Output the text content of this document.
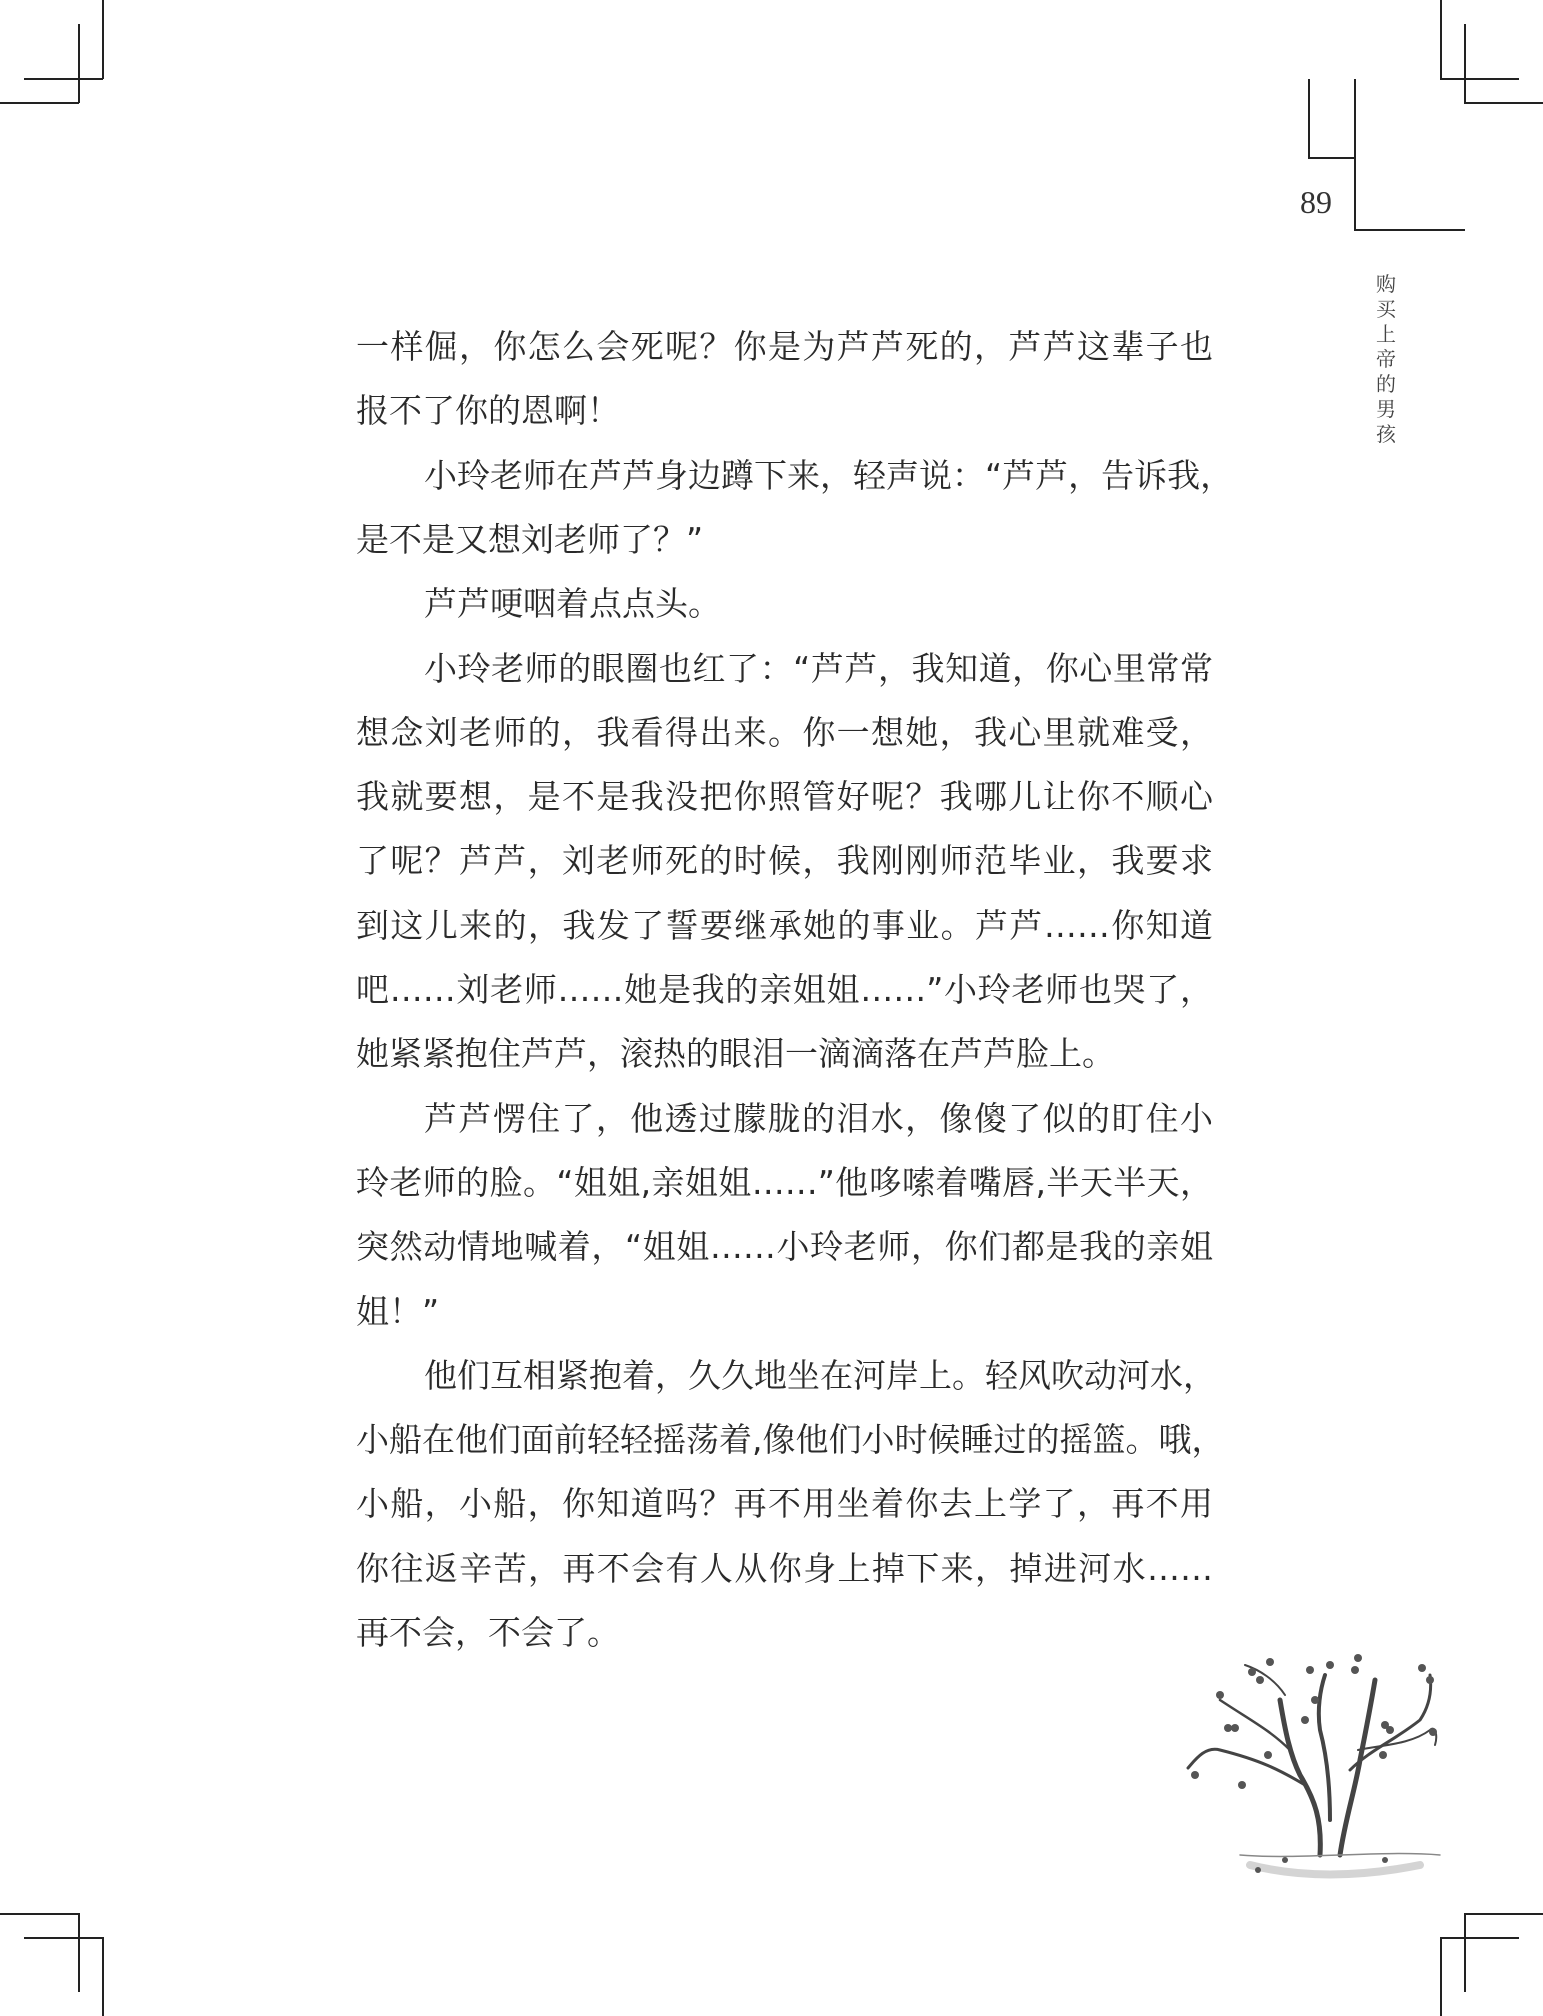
89
购买上帝的男孩
一样倔，你怎么会死呢？你是为芦芦死的，芦芦这辈子也
报不了你的恩啊！
小玲老师在芦芦身边蹲下来，轻声说：“芦芦，告诉我，
是不是又想刘老师了？”
芦芦哽咽着点点头。
小玲老师的眼圈也红了：“芦芦，我知道，你心里常常
想念刘老师的，我看得出来。你一想她，我心里就难受，
我就要想，是不是我没把你照管好呢？我哪儿让你不顺心
了呢？芦芦，刘老师死的时候，我刚刚师范毕业，我要求
到这儿来的，我发了誓要继承她的事业。芦芦……你知道
吧……刘老师……她是我的亲姐姐……”小玲老师也哭了，
她紧紧抱住芦芦，滚热的眼泪一滴滴落在芦芦脸上。
芦芦愣住了，他透过朦胧的泪水，像傻了似的盯住小
玲老师的脸。“姐姐,亲姐姐……”他哆嗦着嘴唇,半天半天，
突然动情地喊着，“姐姐……小玲老师，你们都是我的亲姐
姐！”
他们互相紧抱着，久久地坐在河岸上。轻风吹动河水，
小船在他们面前轻轻摇荡着,像他们小时候睡过的摇篮。哦，
小船，小船，你知道吗？再不用坐着你去上学了，再不用
你往返辛苦，再不会有人从你身上掉下来，掉进河水……
再不会，不会了。
